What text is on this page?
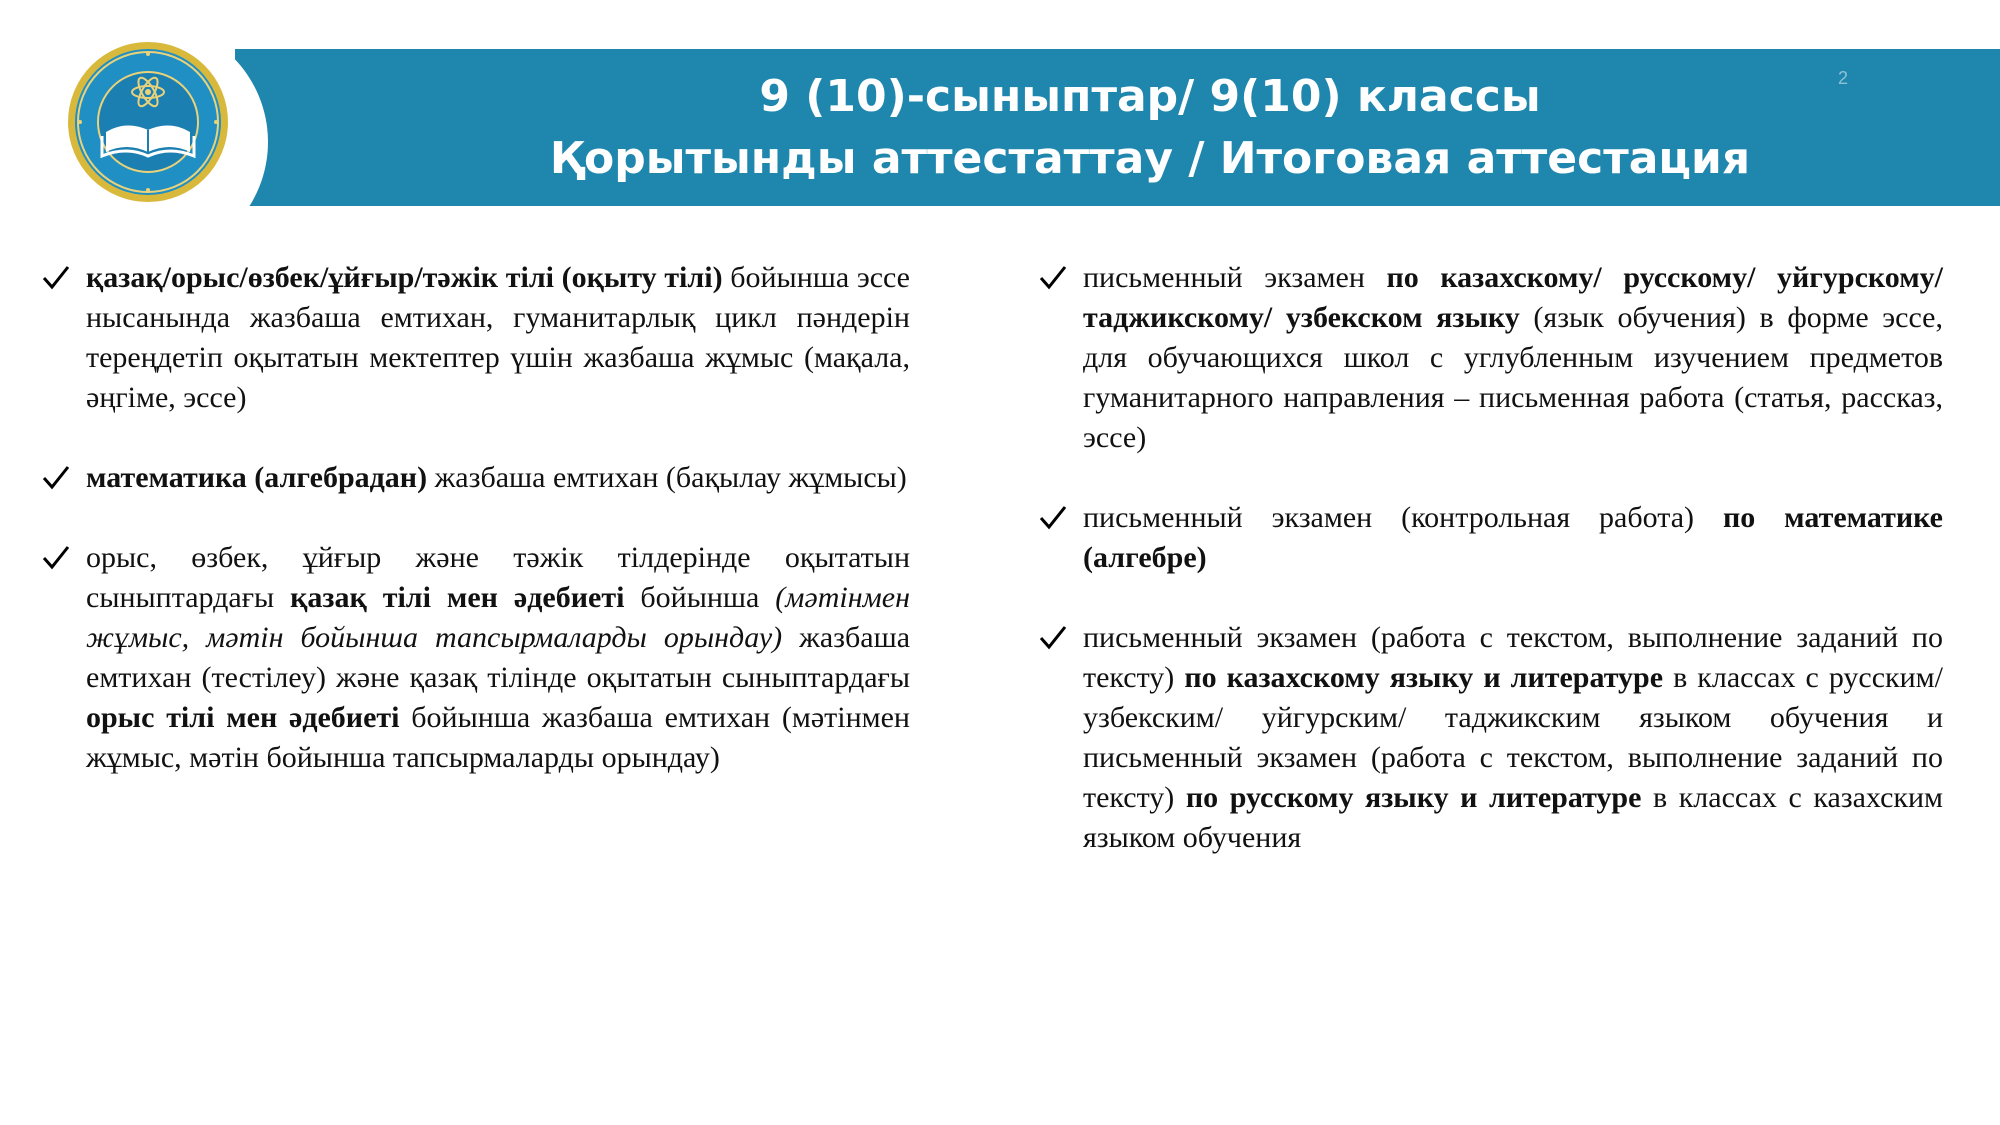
9 (10)-сыныптар/ 9(10) классы
Қорытынды аттестаттау / Итоговая аттестация
2
қазақ/орыс/өзбек/ұйғыр/тәжік тілі (оқыту тілі) бойынша эссе нысанында жазбаша емтихан, гуманитарлық цикл пәндерін тереңдетіп оқытатын мектептер үшін жазбаша жұмыс (мақала, әңгіме, эссе)
математика (алгебрадан) жазбаша емтихан (бақылау жұмысы)
орыс, өзбек, ұйғыр және тәжік тілдерінде оқытатын сыныптардағы қазақ тілі мен әдебиеті бойынша (мәтінмен жұмыс, мәтін бойынша тапсырмаларды орындау) жазбаша емтихан (тестілеу) және қазақ тілінде оқытатын сыныптардағы орыс тілі мен әдебиеті бойынша жазбаша емтихан (мәтінмен жұмыс, мәтін бойынша тапсырмаларды орындау)
письменный экзамен по казахскому/ русскому/ уйгурскому/ таджикскому/ узбекском языку (язык обучения) в форме эссе, для обучающихся школ с углубленным изучением предметов гуманитарного направления – письменная работа (статья, рассказ, эссе)
письменный экзамен (контрольная работа) по математике (алгебре)
письменный экзамен (работа с текстом, выполнение заданий по тексту) по казахскому языку и литературе в классах с русским/ узбекским/ уйгурским/ таджикским языком обучения и письменный экзамен (работа с текстом, выполнение заданий по тексту) по русскому языку и литературе в классах с казахским языком обучения
